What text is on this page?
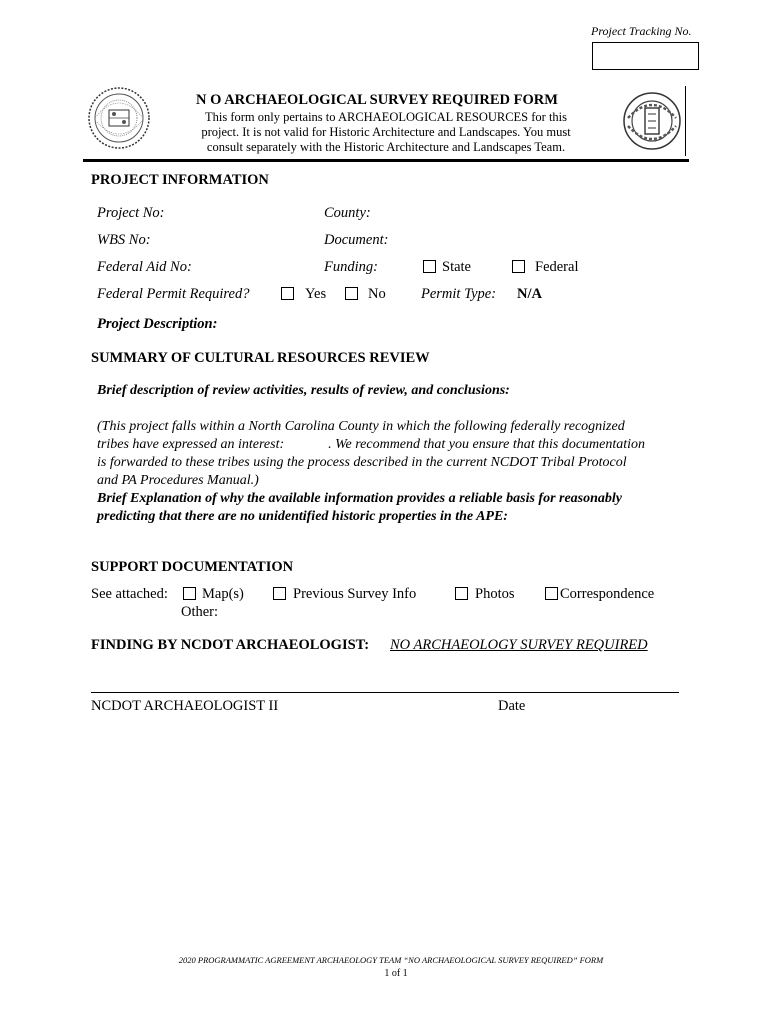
Project Tracking No.
N O ARCHAEOLOGICAL SURVEY REQUIRED FORM
This form only pertains to ARCHAEOLOGICAL RESOURCES for this
project. It is not valid for Historic Architecture and Landscapes. You must
consult separately with the Historic Architecture and Landscapes Team.
PROJECT INFORMATION
Project No:	County:
WBS No:	Document:
Federal Aid No:	Funding:	State	Federal
Federal Permit Required?	Yes	No Permit Type: N/A
Project Description:
SUMMARY OF CULTURAL RESOURCES REVIEW
Brief description of review activities, results of review, and conclusions:
(This project falls within a North Carolina County in which the following federally recognized
tribes have expressed an interest:	. We recommend that you ensure that this documentation
is forwarded to these tribes using the process described in the current NCDOT Tribal Protocol
and PA Procedures Manual.)
Brief Explanation of why the available information provides a reliable basis for reasonably
predicting that there are no unidentified historic properties in the APE:
SUPPORT DOCUMENTATION
See attached: Map(s)	Previous Survey Info	Photos	Correspondence
Other:
FINDING BY NCDOT ARCHAEOLOGIST: NO ARCHAEOLOGY SURVEY REQUIRED
NCDOT ARCHAEOLOGIST II	Date
2020 PROGRAMMATIC AGREEMENT ARCHAEOLOGY TEAM “NO ARCHAEOLOGICAL SURVEY REQUIRED” FORM
1 of 1
